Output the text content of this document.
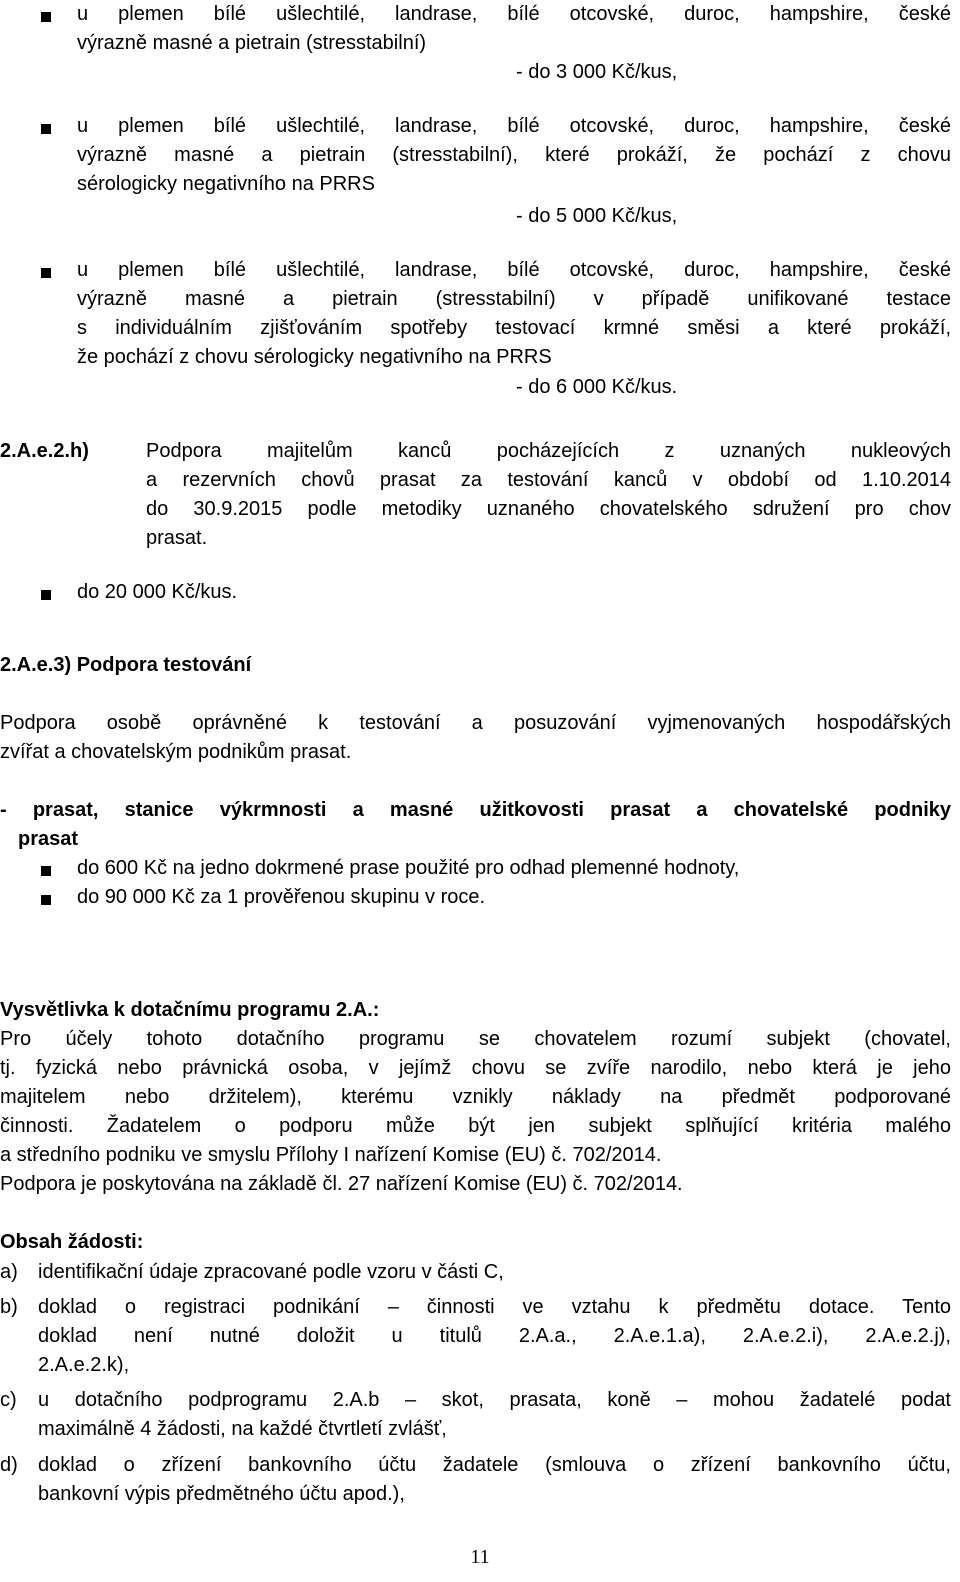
u plemen bílé ušlechtilé, landrase, bílé otcovské, duroc, hampshire, české
výrazně masné a pietrain (stresstabilní)

- do 3 000 Kč/kus,

u plemen bílé ušlechtilé, landrase, bílé otcovské, duroc, hampshire, české
výrazně masné a pietrain (stresstabilní), které prokáží, že pochází z chovu
sérologicky negativního na PRRS

- do 5 000 Kč/kus,

u plemen bílé ušlechtilé, landrase, bílé otcovské, duroc, hampshire, české
výrazně masné a pietrain (stresstabilní) v případě unifikované testace
s individuálním zjišťováním spotřeby testovací krmné směsi a které prokáží,
že pochází z chovu sérologicky negativního na PRRS

- do 6 000 Kč/kus.

2.A.e.2.h)	Podpora majitelům kanců pocházejících z uznaných nukleových
a rezervních chovů prasat za testování kanců v období od 1.10.2014
do 30.9.2015 podle metodiky uznaného chovatelského sdružení pro chov
prasat.

do 20 000 Kč/kus.

2.A.e.3) Podpora testování

Podpora osobě oprávněné k testování a posuzování vyjmenovaných hospodářských
zvířat a chovatelským podnikům prasat.

- prasat, stanice výkrmnosti a masné užitkovosti prasat a chovatelské podniky
prasat

do 600 Kč na jedno dokrmené prase použité pro odhad plemenné hodnoty,

do 90 000 Kč za 1 prověřenou skupinu v roce.

Vysvětlivka k dotačnímu programu 2.A.:

Pro účely tohoto dotačního programu se chovatelem rozumí subjekt (chovatel,
tj. fyzická nebo právnická osoba, v jejímž chovu se zvíře narodilo, nebo která je jeho
majitelem nebo držitelem), kterému vznikly náklady na předmět podporované
činnosti. Žadatelem o podporu může být jen subjekt splňující kritéria malého
a středního podniku ve smyslu Přílohy I nařízení Komise (EU) č. 702/2014.
Podpora je poskytována na základě čl. 27 nařízení Komise (EU) č. 702/2014.

Obsah žádosti:

a) identifikační údaje zpracované podle vzoru v části C,

b) doklad o registraci podnikání – činnosti ve vztahu k předmětu dotace. Tento
doklad není nutné doložit u titulů 2.A.a., 2.A.e.1.a), 2.A.e.2.i), 2.A.e.2.j),
2.A.e.2.k),

c) u dotačního podprogramu 2.A.b – skot, prasata, koně – mohou žadatelé podat
maximálně 4 žádosti, na každé čtvrtletí zvlášť,

d) doklad o zřízení bankovního účtu žadatele (smlouva o zřízení bankovního účtu,
bankovní výpis předmětného účtu apod.),

11
